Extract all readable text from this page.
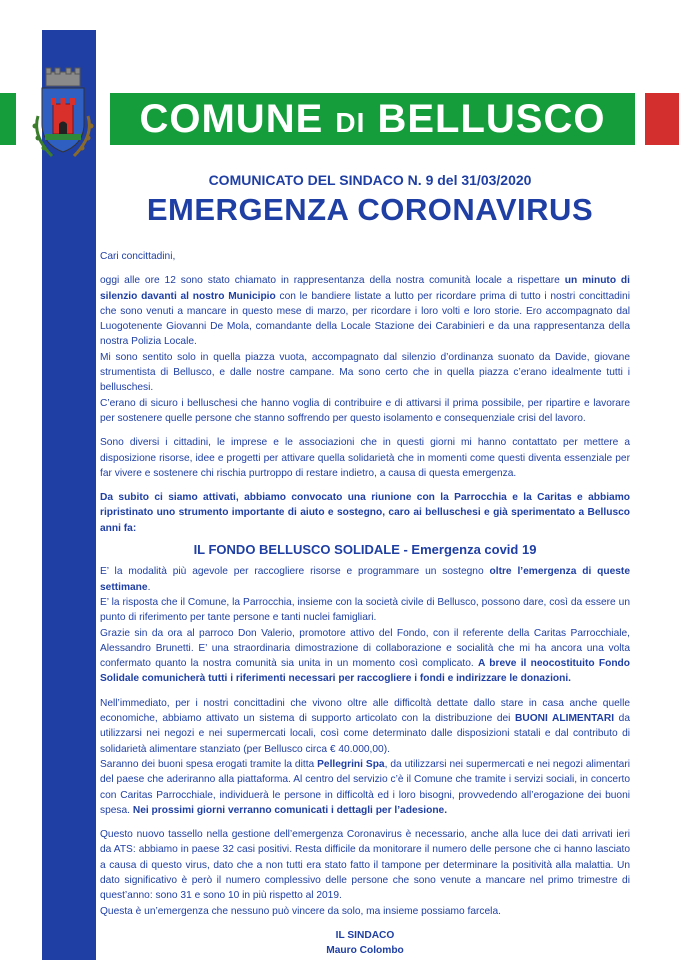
COMUNE DI BELLUSCO
COMUNICATO DEL SINDACO N. 9 del 31/03/2020
EMERGENZA CORONAVIRUS

Cari concittadini,

oggi alle ore 12 sono stato chiamato in rappresentanza della nostra comunità locale a rispettare un minuto di silenzio davanti al nostro Municipio con le bandiere listate a lutto per ricordare prima di tutto i nostri concittadini che sono venuti a mancare in questo mese di marzo, per ricordare i loro volti e loro storie. Ero accompagnato dal Luogotenente Giovanni De Mola, comandante della Locale Stazione dei Carabinieri e da una rappresentanza della nostra Polizia Locale.

Mi sono sentito solo in quella piazza vuota, accompagnato dal silenzio d’ordinanza suonato da Davide, giovane strumentista di Bellusco, e dalle nostre campane. Ma sono certo che in quella piazza c’erano idealmente tutti i belluschesi.

C’erano di sicuro i belluschesi che hanno voglia di contribuire e di attivarsi il prima possibile, per ripartire e lavorare per sostenere quelle persone che stanno soffrendo per questo isolamento e consequenziale crisi del lavoro.

Sono diversi i cittadini, le imprese e le associazioni che in questi giorni mi hanno contattato per mettere a disposizione risorse, idee e progetti per attivare quella solidarietà che in momenti come questi diventa essenziale per far vivere e sostenere chi rischia purtroppo di restare indietro, a causa di questa emergenza.

Da subito ci siamo attivati, abbiamo convocato una riunione con la Parrocchia e la Caritas e abbiamo ripristinato uno strumento importante di aiuto e sostegno, caro ai belluschesi e già sperimentato a Bellusco anni fa:

IL FONDO BELLUSCO SOLIDALE - Emergenza covid 19

E’ la modalità più agevole per raccogliere risorse e programmare un sostegno oltre l’emergenza di queste settimane.

E’ la risposta che il Comune, la Parrocchia, insieme con la società civile di Bellusco, possono dare, così da essere un punto di riferimento per tante persone e tanti nuclei famigliari.

Grazie sin da ora al parroco Don Valerio, promotore attivo del Fondo, con il referente della Caritas Parrocchiale, Alessandro Brunetti. E’ una straordinaria dimostrazione di collaborazione e socialità che mi ha ancora una volta confermato quanto la nostra comunità sia unita in un momento così complicato. A breve il neocostituito Fondo Solidale comunicherà tutti i riferimenti necessari per raccogliere i fondi e indirizzare le donazioni.

Nell’immediato, per i nostri concittadini che vivono oltre alle difficoltà dettate dallo stare in casa anche quelle economiche, abbiamo attivato un sistema di supporto articolato con la distribuzione dei BUONI ALIMENTARI da utilizzarsi nei negozi e nei supermercati locali, così come determinato dalle disposizioni statali e dal contributo di solidarietà alimentare stanziato (per Bellusco circa € 40.000,00).

Saranno dei buoni spesa erogati tramite la ditta Pellegrini Spa, da utilizzarsi nei supermercati e nei negozi alimentari del paese che aderiranno alla piattaforma. Al centro del servizio c’è il Comune che tramite i servizi sociali, in concerto con Caritas Parrocchiale, individuerà le persone in difficoltà ed i loro bisogni, provvedendo all’erogazione dei buoni spesa. Nei prossimi giorni verranno comunicati i dettagli per l’adesione.

Questo nuovo tassello nella gestione dell’emergenza Coronavirus è necessario, anche alla luce dei dati arrivati ieri da ATS: abbiamo in paese 32 casi positivi. Resta difficile da monitorare il numero delle persone che ci hanno lasciato a causa di questo virus, dato che a non tutti era stato fatto il tampone per determinare la positività alla malattia. Un dato significativo è però il numero complessivo delle persone che sono venute a mancare nel primo trimestre di quest’anno: sono 31 e sono 10 in più rispetto al 2019.

Questa è un’emergenza che nessuno può vincere da solo, ma insieme possiamo farcela.

IL SINDACO
Mauro Colombo
